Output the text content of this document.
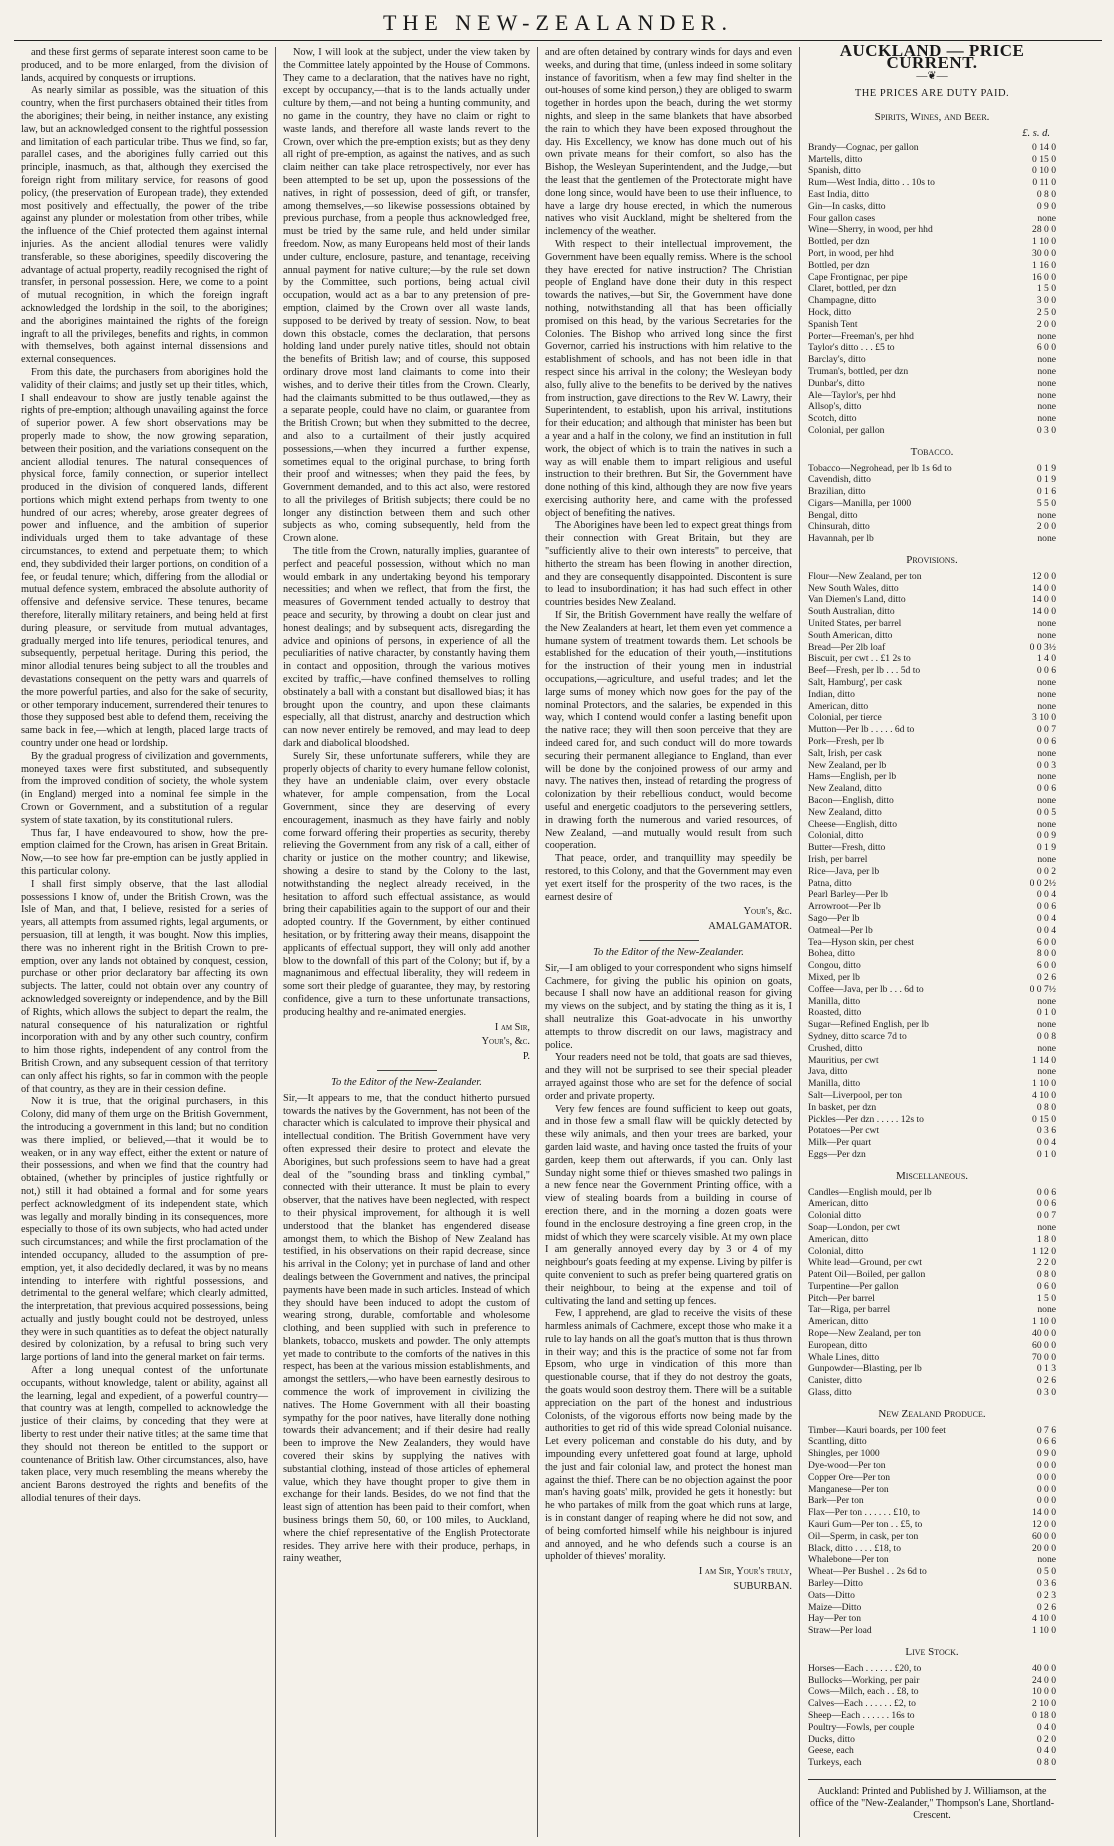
THE NEW-ZEALANDER.

and these first germs of separate interest soon came to be produced, and to be more enlarged, from the division of lands, acquired by conquests or irruptions.

As nearly similar as possible, was the situation of this country, when the first purchasers obtained their titles from the aborigines; their being, in neither instance, any existing law, but an acknowledged consent to the rightful possession and limitation of each particular tribe. Thus we find, so far, parallel cases, and the aborigines fully carried out this principle, inasmuch, as that, although they exercised the foreign right from military service, for reasons of good policy, (the preservation of European trade), they extended most positively and effectually, the power of the tribe against any plunder or molestation from other tribes, while the influence of the Chief protected them against internal injuries. As the ancient allodial tenures were validly transferable, so these aborigines, speedily discovering the advantage of actual property, readily recognised the right of transfer, in personal possession. Here, we come to a point of mutual recognition, in which the foreign ingraft acknowledged the lordship in the soil, to the aborigines; and the aborigines maintained the rights of the foreign ingraft to all the privileges, benefits and rights, in common with themselves, both against internal dissensions and external consequences.

From this date, the purchasers from aborigines hold the validity of their claims; and justly set up their titles, which, I shall endeavour to show are justly tenable against the rights of pre-emption; although unavailing against the force of superior power. A few short observations may be properly made to show, the now growing separation, between their position, and the variations consequent on the ancient allodial tenures. The natural consequences of physical force, family connection, or superior intellect produced in the division of conquered lands, different portions which might extend perhaps from twenty to one hundred of our acres; whereby, arose greater degrees of power and influence, and the ambition of superior individuals urged them to take advantage of these circumstances, to extend and perpetuate them; to which end, they subdivided their larger portions, on condition of a fee, or feudal tenure; which, differing from the allodial or mutual defence system, embraced the absolute authority of offensive and defensive service. These tenures, became therefore, literally military retainers, and being held at first during pleasure, or servitude from mutual advantages, gradually merged into life tenures, periodical tenures, and subsequently, perpetual heritage. During this period, the minor allodial tenures being subject to all the troubles and devastations consequent on the petty wars and quarrels of the more powerful parties, and also for the sake of security, or other temporary inducement, surrendered their tenures to those they supposed best able to defend them, receiving the same back in fee,—which at length, placed large tracts of country under one head or lordship.

By the gradual progress of civilization and governments, moneyed taxes were first substituted, and subsequently from the improved condition of society, the whole system (in England) merged into a nominal fee simple in the Crown or Government, and a substitution of a regular system of state taxation, by its constitutional rulers.

Thus far, I have endeavoured to show, how the pre-emption claimed for the Crown, has arisen in Great Britain. Now,—to see how far pre-emption can be justly applied in this particular colony.

I shall first simply observe, that the last allodial possessions I know of, under the British Crown, was the Isle of Man, and that, I believe, resisted for a series of years, all attempts from assumed rights, legal arguments, or persuasion, till at length, it was bought. Now this implies, there was no inherent right in the British Crown to pre-emption, over any lands not obtained by conquest, cession, purchase or other prior declaratory bar affecting its own subjects. The latter, could not obtain over any country of acknowledged sovereignty or independence, and by the Bill of Rights, which allows the subject to depart the realm, the natural consequence of his naturalization or rightful incorporation with and by any other such country, confirm to him those rights, independent of any control from the British Crown, and any subsequent cession of that territory can only affect his rights, so far in common with the people of that country, as they are in their cession define.

Now it is true, that the original purchasers, in this Colony, did many of them urge on the British Government, the introducing a government in this land; but no condition was there implied, or believed,—that it would be to weaken, or in any way effect, either the extent or nature of their possessions, and when we find that the country had obtained, (whether by principles of justice rightfully or not,) still it had obtained a formal and for some years perfect acknowledgment of its independent state, which was legally and morally binding in its consequences, more especially to those of its own subjects, who had acted under such circumstances; and while the first proclamation of the intended occupancy, alluded to the assumption of pre-emption, yet, it also decidedly declared, it was by no means intending to interfere with rightful possessions, and detrimental to the general welfare; which clearly admitted, the interpretation, that previous acquired possessions, being actually and justly bought could not be destroyed, unless they were in such quantities as to defeat the object naturally desired by colonization, by a refusal to bring such very large portions of land into the general market on fair terms.

After a long unequal contest of the unfortunate occupants, without knowledge, talent or ability, against all the learning, legal and expedient, of a powerful country—that country was at length, compelled to acknowledge the justice of their claims, by conceding that they were at liberty to rest under their native titles; at the same time that they should not thereon be entitled to the support or countenance of British law. Other circumstances, also, have taken place, very much resembling the means whereby the ancient Barons destroyed the rights and benefits of the allodial tenures of their days.

Now, I will look at the subject, under the view taken by the Committee lately appointed by the House of Commons. They came to a declaration, that the natives have no right, except by occupancy,—that is to the lands actually under culture by them,—and not being a hunting community, and no game in the country, they have no claim or right to waste lands, and therefore all waste lands revert to the Crown, over which the pre-emption exists; but as they deny all right of pre-emption, as against the natives, and as such claim neither can take place retrospectively, nor ever has been attempted to be set up, upon the possessions of the natives, in right of possession, deed of gift, or transfer, among themselves,—so likewise possessions obtained by previous purchase, from a people thus acknowledged free, must be tried by the same rule, and held under similar freedom. Now, as many Europeans held most of their lands under culture, enclosure, pasture, and tenantage, receiving annual payment for native culture;—by the rule set down by the Committee, such portions, being actual civil occupation, would act as a bar to any pretension of pre-emption, claimed by the Crown over all waste lands, supposed to be derived by treaty of session. Now, to beat down this obstacle, comes the declaration, that persons holding land under purely native titles, should not obtain the benefits of British law; and of course, this supposed ordinary drove most land claimants to come into their wishes, and to derive their titles from the Crown. Clearly, had the claimants submitted to be thus outlawed,—they as a separate people, could have no claim, or guarantee from the British Crown; but when they submitted to the decree, and also to a curtailment of their justly acquired possessions,—when they incurred a further expense, sometimes equal to the original purchase, to bring forth their proof and witnesses; when they paid the fees, by Government demanded, and to this act also, were restored to all the privileges of British subjects; there could be no longer any distinction between them and such other subjects as who, coming subsequently, held from the Crown alone.

The title from the Crown, naturally implies, guarantee of perfect and peaceful possession, without which no man would embark in any undertaking beyond his temporary necessities; and when we reflect, that from the first, the measures of Government tended actually to destroy that peace and security, by throwing a doubt on clear just and honest dealings; and by subsequent acts, disregarding the advice and opinions of persons, in experience of all the peculiarities of native character, by constantly having them in contact and opposition, through the various motives excited by traffic,—have confined themselves to rolling obstinately a ball with a constant but disallowed bias; it has brought upon the country, and upon these claimants especially, all that distrust, anarchy and destruction which can now never entirely be removed, and may lead to deep dark and diabolical bloodshed.

Surely Sir, these unfortunate sufferers, while they are properly objects of charity to every humane fellow colonist, they have an undeniable claim, over every obstacle whatever, for ample compensation, from the Local Government, since they are deserving of every encouragement, inasmuch as they have fairly and nobly come forward offering their properties as security, thereby relieving the Government from any risk of a call, either of charity or justice on the mother country; and likewise, showing a desire to stand by the Colony to the last, notwithstanding the neglect already received, in the hesitation to afford such effectual assistance, as would bring their capabilities again to the support of our and their adopted country. If the Government, by either continued hesitation, or by frittering away their means, disappoint the applicants of effectual support, they will only add another blow to the downfall of this part of the Colony; but if, by a magnanimous and effectual liberality, they will redeem in some sort their pledge of guarantee, they may, by restoring confidence, give a turn to these unfortunate transactions, producing healthy and re-animated energies.

I am Sir,

Your's, &c.

P.

To the Editor of the New-Zealander.

Sir,—It appears to me, that the conduct hitherto pursued towards the natives by the Government, has not been of the character which is calculated to improve their physical and intellectual condition. The British Government have very often expressed their desire to protect and elevate the Aborigines, but such professions seem to have had a great deal of the "sounding brass and tinkling cymbal," connected with their utterance. It must be plain to every observer, that the natives have been neglected, with respect to their physical improvement, for although it is well understood that the blanket has engendered disease amongst them, to which the Bishop of New Zealand has testified, in his observations on their rapid decrease, since his arrival in the Colony; yet in purchase of land and other dealings between the Government and natives, the principal payments have been made in such articles. Instead of which they should have been induced to adopt the custom of wearing strong, durable, comfortable and wholesome clothing, and been supplied with such in preference to blankets, tobacco, muskets and powder. The only attempts yet made to contribute to the comforts of the natives in this respect, has been at the various mission establishments, and amongst the settlers,—who have been earnestly desirous to commence the work of improvement in civilizing the natives. The Home Government with all their boasting sympathy for the poor natives, have literally done nothing towards their advancement; and if their desire had really been to improve the New Zealanders, they would have covered their skins by supplying the natives with substantial clothing, instead of those articles of ephemeral value, which they have thought proper to give them in exchange for their lands. Besides, do we not find that the least sign of attention has been paid to their comfort, when business brings them 50, 60, or 100 miles, to Auckland, where the chief representative of the English Protectorate resides. They arrive here with their produce, perhaps, in rainy weather,

and are often detained by contrary winds for days and even weeks, and during that time, (unless indeed in some solitary instance of favoritism, when a few may find shelter in the out-houses of some kind person,) they are obliged to swarm together in hordes upon the beach, during the wet stormy nights, and sleep in the same blankets that have absorbed the rain to which they have been exposed throughout the day. His Excellency, we know has done much out of his own private means for their comfort, so also has the Bishop, the Wesleyan Superintendent, and the Judge,—but the least that the gentlemen of the Protectorate might have done long since, would have been to use their influence, to have a large dry house erected, in which the numerous natives who visit Auckland, might be sheltered from the inclemency of the weather.

With respect to their intellectual improvement, the Government have been equally remiss. Where is the school they have erected for native instruction? The Christian people of England have done their duty in this respect towards the natives,—but Sir, the Government have done nothing, notwithstanding all that has been officially promised on this head, by the various Secretaries for the Colonies. The Bishop who arrived long since the first Governor, carried his instructions with him relative to the establishment of schools, and has not been idle in that respect since his arrival in the colony; the Wesleyan body also, fully alive to the benefits to be derived by the natives from instruction, gave directions to the Rev W. Lawry, their Superintendent, to establish, upon his arrival, institutions for their education; and although that minister has been but a year and a half in the colony, we find an institution in full work, the object of which is to train the natives in such a way as will enable them to impart religious and useful instruction to their brethren. But Sir, the Government have done nothing of this kind, although they are now five years exercising authority here, and came with the professed object of benefiting the natives.

The Aborigines have been led to expect great things from their connection with Great Britain, but they are "sufficiently alive to their own interests" to perceive, that hitherto the stream has been flowing in another direction, and they are consequently disappointed. Discontent is sure to lead to insubordination; it has had such effect in other countries besides New Zealand.

If Sir, the British Government have really the welfare of the New Zealanders at heart, let them even yet commence a humane system of treatment towards them. Let schools be established for the education of their youth,—institutions for the instruction of their young men in industrial occupations,—agriculture, and useful trades; and let the large sums of money which now goes for the pay of the nominal Protectors, and the salaries, be expended in this way, which I contend would confer a lasting benefit upon the native race; they will then soon perceive that they are indeed cared for, and such conduct will do more towards securing their permanent allegiance to England, than ever will be done by the conjoined prowess of our army and navy. The natives then, instead of retarding the progress of colonization by their rebellious conduct, would become useful and energetic coadjutors to the persevering settlers, in drawing forth the numerous and varied resources, of New Zealand, —and mutually would result from such cooperation.

That peace, order, and tranquillity may speedily be restored, to this Colony, and that the Government may even yet exert itself for the prosperity of the two races, is the earnest desire of

Your's, &c.

AMALGAMATOR.

To the Editor of the New-Zealander.

Sir,—I am obliged to your correspondent who signs himself Cachmere, for giving the public his opinion on goats, because I shall now have an additional reason for giving my views on the subject, and by stating the thing as it is, I shall neutralize this Goat-advocate in his unworthy attempts to throw discredit on our laws, magistracy and police.

Your readers need not be told, that goats are sad thieves, and they will not be surprised to see their special pleader arrayed against those who are set for the defence of social order and private property.

Very few fences are found sufficient to keep out goats, and in those few a small flaw will be quickly detected by these wily animals, and then your trees are barked, your garden laid waste, and having once tasted the fruits of your garden, keep them out afterwards, if you can. Only last Sunday night some thief or thieves smashed two palings in a new fence near the Government Printing office, with a view of stealing boards from a building in course of erection there, and in the morning a dozen goats were found in the enclosure destroying a fine green crop, in the midst of which they were scarcely visible. At my own place I am generally annoyed every day by 3 or 4 of my neighbour's goats feeding at my expense. Living by pilfer is quite convenient to such as prefer being quartered gratis on their neighbour, to being at the expense and toil of cultivating the land and setting up fences.

Few, I apprehend, are glad to receive the visits of these harmless animals of Cachmere, except those who make it a rule to lay hands on all the goat's mutton that is thus thrown in their way; and this is the practice of some not far from Epsom, who urge in vindication of this more than questionable course, that if they do not destroy the goats, the goats would soon destroy them. There will be a suitable appreciation on the part of the honest and industrious Colonists, of the vigorous efforts now being made by the authorities to get rid of this wide spread Colonial nuisance. Let every policeman and constable do his duty, and by impounding every unfettered goat found at large, uphold the just and fair colonial law, and protect the honest man against the thief. There can be no objection against the poor man's having goats' milk, provided he gets it honestly: but he who partakes of milk from the goat which runs at large, is in constant danger of reaping where he did not sow, and of being comforted himself while his neighbour is injured and annoyed, and he who defends such a course is an upholder of thieves' morality.

I am Sir, Your's truly,

SUBURBAN.

AUCKLAND — PRICE CURRENT.
—❦—
THE PRICES ARE DUTY PAID.
Spirits, Wines, and Beer.
£. s. d.
Brandy—Cognac, per gallon	0 14 0
Martells, ditto	0 15 0
Spanish, ditto	0 10 0
Rum—West India, ditto . . 10s to	0 11 0
East India, ditto	0 8 0
Gin—In casks, ditto	0 9 0
Four gallon cases	none
Wine—Sherry, in wood, per hhd	28 0 0
Bottled, per dzn	1 10 0
Port, in wood, per hhd	30 0 0
Bottled, per dzn	1 16 0
Cape Frontignac, per pipe	16 0 0
Claret, bottled, per dzn	1 5 0
Champagne, ditto	3 0 0
Hock, ditto	2 5 0
Spanish Tent	2 0 0
Porter—Freeman's, per hhd	none
Taylor's ditto . . . £5 to	6 0 0
Barclay's, ditto	none
Truman's, bottled, per dzn	none
Dunbar's, ditto	none
Ale—Taylor's, per hhd	none
Allsop's, ditto	none
Scotch, ditto	none
Colonial, per gallon	0 3 0
Tobacco.
Tobacco—Negrohead, per lb 1s 6d to	0 1 9
Cavendish, ditto	0 1 9
Brazilian, ditto	0 1 6
Cigars—Manilla, per 1000	5 5 0
Bengal, ditto	none
Chinsurah, ditto	2 0 0
Havannah, per lb	none
Provisions.
Flour—New Zealand, per ton	12 0 0
New South Wales, ditto	14 0 0
Van Diemen's Land, ditto	14 0 0
South Australian, ditto	14 0 0
United States, per barrel	none
South American, ditto	none
Bread—Per 2lb loaf	0 0 3½
Biscuit, per cwt . . £1 2s to	1 4 0
Beef—Fresh, per lb . . . 5d to	0 0 6
Salt, Hamburg', per cask	none
Indian, ditto	none
American, ditto	none
Colonial, per tierce	3 10 0
Mutton—Per lb . . . . . 6d to	0 0 7
Pork—Fresh, per lb	0 0 6
Salt, Irish, per cask	none
New Zealand, per lb	0 0 3
Hams—English, per lb	none
New Zealand, ditto	0 0 6
Bacon—English, ditto	none
New Zealand, ditto	0 0 5
Cheese—English, ditto	none
Colonial, ditto	0 0 9
Butter—Fresh, ditto	0 1 9
Irish, per barrel	none
Rice—Java, per lb	0 0 2
Patna, ditto	0 0 2½
Pearl Barley—Per lb	0 0 4
Arrowroot—Per lb	0 0 6
Sago—Per lb	0 0 4
Oatmeal—Per lb	0 0 4
Tea—Hyson skin, per chest	6 0 0
Bohea, ditto	8 0 0
Congou, ditto	6 0 0
Mixed, per lb	0 2 6
Coffee—Java, per lb . . . 6d to	0 0 7½
Manilla, ditto	none
Roasted, ditto	0 1 0
Sugar—Refined English, per lb	none
Sydney, ditto scarce 7d to	0 0 8
Crushed, ditto	none
Mauritius, per cwt	1 14 0
Java, ditto	none
Manilla, ditto	1 10 0
Salt—Liverpool, per ton	4 10 0
In basket, per dzn	0 8 0
Pickles—Per dzn . . . . . 12s to	0 15 0
Potatoes—Per cwt	0 3 6
Milk—Per quart	0 0 4
Eggs—Per dzn	0 1 0
Miscellaneous.
Candles—English mould, per lb	0 0 6
American, ditto	0 0 6
Colonial ditto	0 0 7
Soap—London, per cwt	none
American, ditto	1 8 0
Colonial, ditto	1 12 0
White lead—Ground, per cwt	2 2 0
Patent Oil—Boiled, per gallon	0 8 0
Turpentine—Per gallon	0 6 0
Pitch—Per barrel	1 5 0
Tar—Riga, per barrel	none
American, ditto	1 10 0
Rope—New Zealand, per ton	40 0 0
European, ditto	60 0 0
Whale Lines, ditto	70 0 0
Gunpowder—Blasting, per lb	0 1 3
Canister, ditto	0 2 6
Glass, ditto	0 3 0
New Zealand Produce.
Timber—Kauri boards, per 100 feet	0 7 6
Scantling, ditto	0 6 6
Shingles, per 1000	0 9 0
Dye-wood—Per ton	0 0 0
Copper Ore—Per ton	0 0 0
Manganese—Per ton	0 0 0
Bark—Per ton	0 0 0
Flax—Per ton . . . . . . £10, to	14 0 0
Kauri Gum—Per ton . . £5, to	12 0 0
Oil—Sperm, in cask, per ton	60 0 0
Black, ditto . . . . £18, to	20 0 0
Whalebone—Per ton	none
Wheat—Per Bushel . . 2s 6d to	0 5 0
Barley—Ditto	0 3 6
Oats—Ditto	0 2 3
Maize—Ditto	0 2 6
Hay—Per ton	4 10 0
Straw—Per load	1 10 0
Live Stock.
Horses—Each . . . . . . £20, to	40 0 0
Bullocks—Working, per pair	24 0 0
Cows—Milch, each . . £8, to	10 0 0
Calves—Each . . . . . . £2, to	2 10 0
Sheep—Each . . . . . . 16s to	0 18 0
Poultry—Fowls, per couple	0 4 0
Ducks, ditto	0 2 0
Geese, each	0 4 0
Turkeys, each	0 8 0
Auckland: Printed and Published by J. Williamson, at the office of the "New-Zealander," Thompson's Lane, Shortland-Crescent.
